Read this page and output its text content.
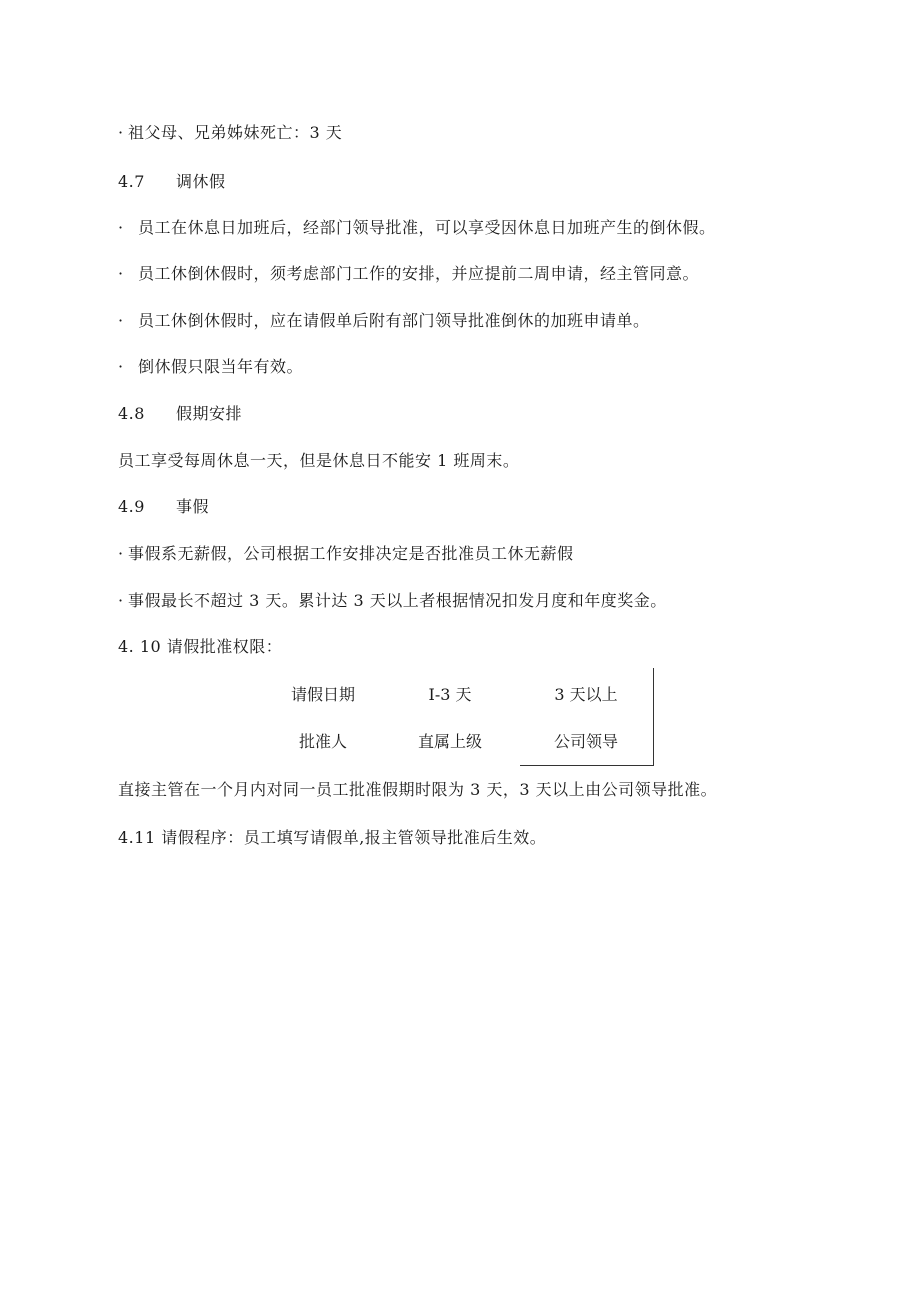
· 祖父母、兄弟姊妹死亡：3 天
4.7 调休假
· 员工在休息日加班后，经部门领导批准，可以享受因休息日加班产生的倒休假。
· 员工休倒休假时，须考虑部门工作的安排，并应提前二周申请，经主管同意。
· 员工休倒休假时，应在请假单后附有部门领导批准倒休的加班申请单。
· 倒休假只限当年有效。
4.8 假期安排
员工享受每周休息一天，但是休息日不能安 1 班周末。
4.9 事假
· 事假系无薪假，公司根据工作安排决定是否批准员工休无薪假
· 事假最长不超过 3 天。累计达 3 天以上者根据情况扣发月度和年度奖金。
4. 10 请假批准权限：
请假日期	I-3 天	3 天以上
批准人	直属上级	公司领导
直接主管在一个月内对同一员工批准假期时限为 3 天，3 天以上由公司领导批准。
4.11 请假程序：员工填写请假单,报主管领导批准后生效。
